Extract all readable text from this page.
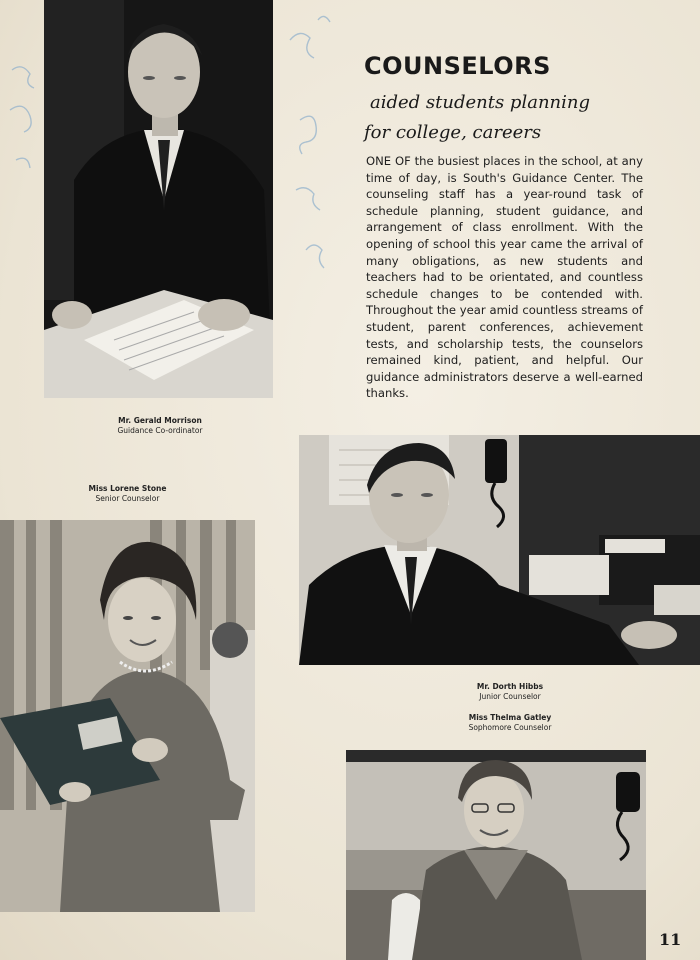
Mr. Gerald Morrison
Guidance Co-ordinator
COUNSELORS
aided students planning
for college, careers
ONE OF the busiest places in the school, at any time of day, is South's Guidance Center. The counseling staff has a year-round task of schedule planning, student guidance, and arrangement of class enrollment. With the opening of school this year came the arrival of many obligations, as new students and teachers had to be orientated, and countless schedule changes to be contended with. Throughout the year amid countless streams of student, parent conferences, achievement tests, and scholarship tests, the counselors remained kind, patient, and helpful. Our guidance administrators deserve a well-earned thanks.
Miss Lorene Stone
Senior Counselor
Mr. Dorth Hibbs
Junior Counselor
Miss Thelma Gatley
Sophomore Counselor
11
